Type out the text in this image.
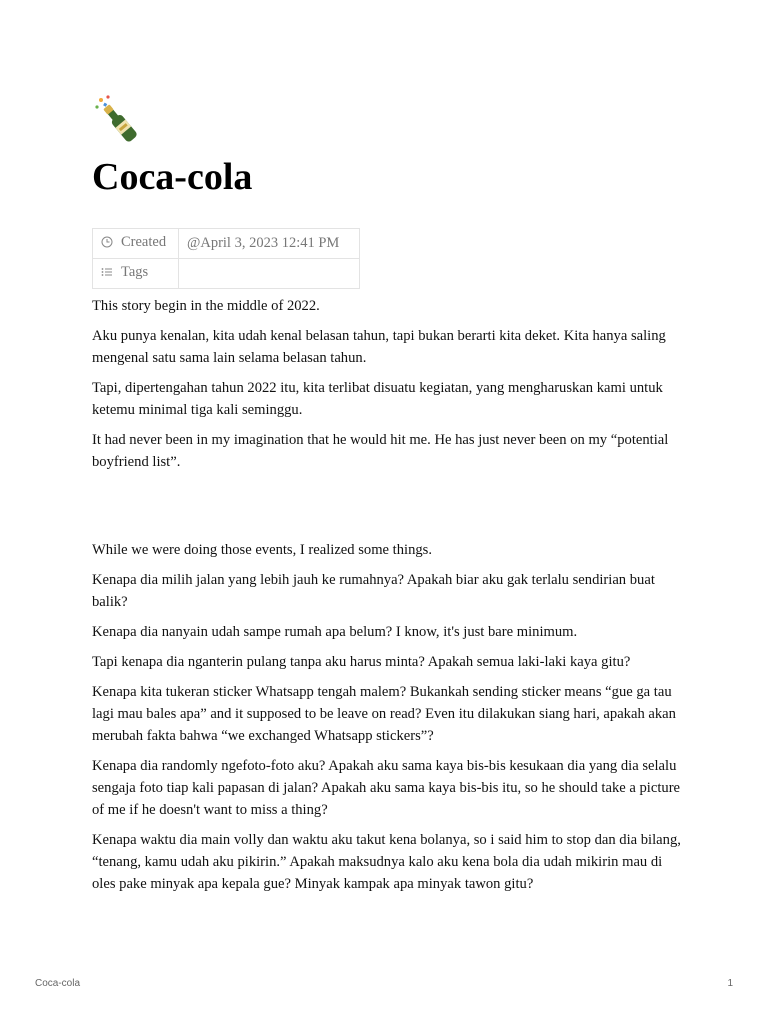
Coca-cola
Created	@April 3, 2023 12:41 PM
Tags	

This story begin in the middle of 2022.

Aku punya kenalan, kita udah kenal belasan tahun, tapi bukan berarti kita deket. Kita hanya saling mengenal satu sama lain selama belasan tahun.

Tapi, dipertengahan tahun 2022 itu, kita terlibat disuatu kegiatan, yang mengharuskan kami untuk ketemu minimal tiga kali seminggu.

It had never been in my imagination that he would hit me. He has just never been on my “potential boyfriend list”.

While we were doing those events, I realized some things.

Kenapa dia milih jalan yang lebih jauh ke rumahnya? Apakah biar aku gak terlalu sendirian buat balik?

Kenapa dia nanyain udah sampe rumah apa belum? I know, it's just bare minimum.

Tapi kenapa dia nganterin pulang tanpa aku harus minta? Apakah semua laki-laki kaya gitu?

Kenapa kita tukeran sticker Whatsapp tengah malem? Bukankah sending sticker means “gue ga tau lagi mau bales apa” and it supposed to be leave on read? Even itu dilakukan siang hari, apakah akan merubah fakta bahwa “we exchanged Whatsapp stickers”?

Kenapa dia randomly ngefoto-foto aku? Apakah aku sama kaya bis-bis kesukaan dia yang dia selalu sengaja foto tiap kali papasan di jalan? Apakah aku sama kaya bis-bis itu, so he should take a picture of me if he doesn't want to miss a thing?

Kenapa waktu dia main volly dan waktu aku takut kena bolanya, so i said him to stop dan dia bilang, “tenang, kamu udah aku pikirin.” Apakah maksudnya kalo aku kena bola dia udah mikirin mau di oles pake minyak apa kepala gue? Minyak kampak apa minyak tawon gitu?

Coca-cola	1
